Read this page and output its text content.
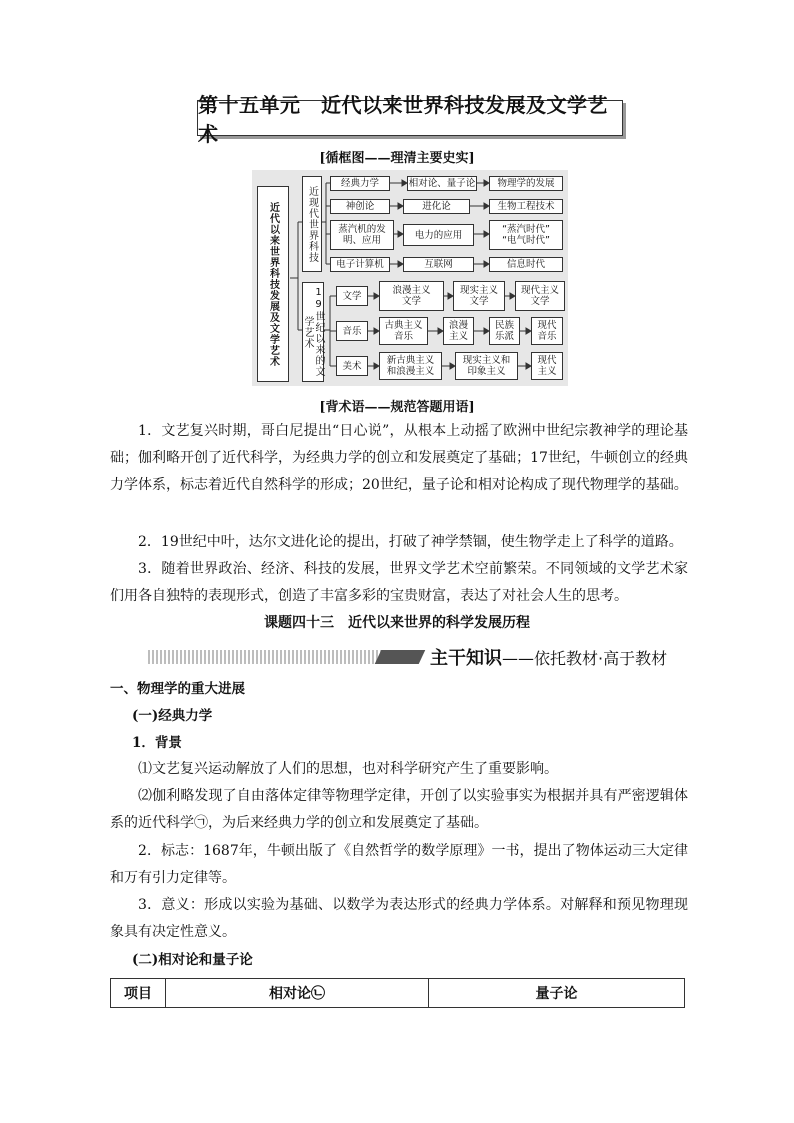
第十五单元　近代以来世界科技发展及文学艺术
[循框图——理清主要史实]
近代以来世界科技发展及文学艺术	近现代世界科技
19世纪以来的文学艺术
经典力学	相对论、量子论	物理学的发展
神创论	进化论	生物工程技术
蒸汽机的发明、应用	电力的应用	“蒸汽时代”
“电气时代”
电子计算机	互联网	信息时代
文学	浪漫主义
文学
现实主义
文学
现代主义
文学
音乐	古典主义
音乐
浪漫
主义
民族
乐派
现代
音乐
美术	新古典主义
和浪漫主义
现实主义和
印象主义
现代
主义
[背术语——规范答题用语]
1．文艺复兴时期，哥白尼提出“日心说”，从根本上动摇了欧洲中世纪宗教神学的理论基础；伽利略开创了近代科学，为经典力学的创立和发展奠定了基础；17世纪，牛顿创立的经典力学体系，标志着近代自然科学的形成；20世纪，量子论和相对论构成了现代物理学的基础。
2．19世纪中叶，达尔文进化论的提出，打破了神学禁锢，使生物学走上了科学的道路。
3．随着世界政治、经济、科技的发展，世界文学艺术空前繁荣。不同领域的文学艺术家们用各自独特的表现形式，创造了丰富多彩的宝贵财富，表达了对社会人生的思考。
课题四十三　近代以来世界的科学发展历程
主干知识——依托教材·高于教材
一、物理学的重大进展
(一)经典力学
1．背景
⑴文艺复兴运动解放了人们的思想，也对科学研究产生了重要影响。
⑵伽利略发现了自由落体定律等物理学定律，开创了以实验事实为根据并具有严密逻辑体系的近代科学㉠，为后来经典力学的创立和发展奠定了基础。
2．标志：1687年，牛顿出版了《自然哲学的数学原理》一书，提出了物体运动三大定律和万有引力定律等。
3．意义：形成以实验为基础、以数学为表达形式的经典力学体系。对解释和预见物理现象具有决定性意义。
(二)相对论和量子论
项目	相对论㉡	量子论
